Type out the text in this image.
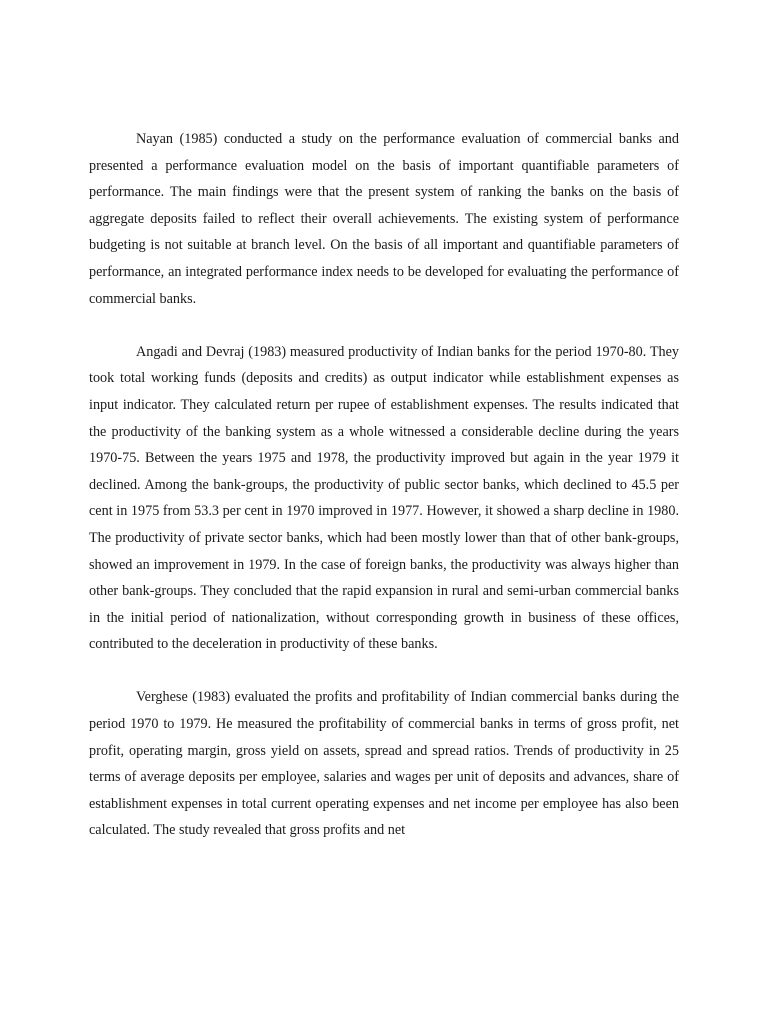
Nayan (1985) conducted a study on the performance evaluation of commercial banks and presented a performance evaluation model on the basis of important quantifiable parameters of performance. The main findings were that the present system of ranking the banks on the basis of aggregate deposits failed to reflect their overall achievements. The existing system of performance budgeting is not suitable at branch level. On the basis of all important and quantifiable parameters of performance, an integrated performance index needs to be developed for evaluating the performance of commercial banks.

Angadi and Devraj (1983) measured productivity of Indian banks for the period 1970-80. They took total working funds (deposits and credits) as output indicator while establishment expenses as input indicator. They calculated return per rupee of establishment expenses. The results indicated that the productivity of the banking system as a whole witnessed a considerable decline during the years 1970-75. Between the years 1975 and 1978, the productivity improved but again in the year 1979 it declined. Among the bank-groups, the productivity of public sector banks, which declined to 45.5 per cent in 1975 from 53.3 per cent in 1970 improved in 1977. However, it showed a sharp decline in 1980. The productivity of private sector banks, which had been mostly lower than that of other bank-groups, showed an improvement in 1979. In the case of foreign banks, the productivity was always higher than other bank-groups. They concluded that the rapid expansion in rural and semi-urban commercial banks in the initial period of nationalization, without corresponding growth in business of these offices, contributed to the deceleration in productivity of these banks.

Verghese (1983) evaluated the profits and profitability of Indian commercial banks during the period 1970 to 1979. He measured the profitability of commercial banks in terms of gross profit, net profit, operating margin, gross yield on assets, spread and spread ratios. Trends of productivity in 25 terms of average deposits per employee, salaries and wages per unit of deposits and advances, share of establishment expenses in total current operating expenses and net income per employee has also been calculated. The study revealed that gross profits and net
